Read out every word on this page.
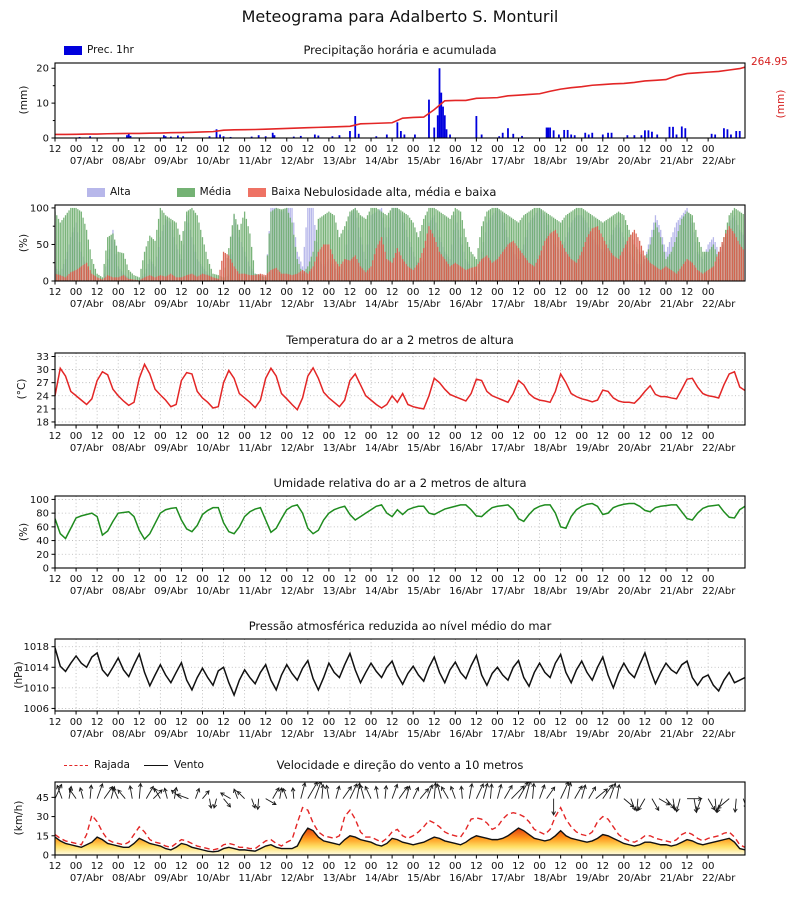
0
10
20
12 00 12 00 12 00 12 00 12 00 12 00 12 00 12 00 12 00 12 00 12 00 12 00 12 00 12 00 12 00 12 00
07/Abr 08/Abr 09/Abr 10/Abr 11/Abr 12/Abr 13/Abr 14/Abr 15/Abr 16/Abr 17/Abr 18/Abr 19/Abr 20/Abr 21/Abr 22/Abr
0
50
100
12 00 12 00 12 00 12 00 12 00 12 00 12 00 12 00 12 00 12 00 12 00 12 00 12 00 12 00 12 00 12 00
07/Abr 08/Abr 09/Abr 10/Abr 11/Abr 12/Abr 13/Abr 14/Abr 15/Abr 16/Abr 17/Abr 18/Abr 19/Abr 20/Abr 21/Abr 22/Abr
18
21
24
27
30
33
12 00 12 00 12 00 12 00 12 00 12 00 12 00 12 00 12 00 12 00 12 00 12 00 12 00 12 00 12 00 12 00
07/Abr 08/Abr 09/Abr 10/Abr 11/Abr 12/Abr 13/Abr 14/Abr 15/Abr 16/Abr 17/Abr 18/Abr 19/Abr 20/Abr 21/Abr 22/Abr
0
20
40
60
80
100
12 00 12 00 12 00 12 00 12 00 12 00 12 00 12 00 12 00 12 00 12 00 12 00 12 00 12 00 12 00 12 00
07/Abr 08/Abr 09/Abr 10/Abr 11/Abr 12/Abr 13/Abr 14/Abr 15/Abr 16/Abr 17/Abr 18/Abr 19/Abr 20/Abr 21/Abr 22/Abr
1006
1010
1014
1018
12 00 12 00 12 00 12 00 12 00 12 00 12 00 12 00 12 00 12 00 12 00 12 00 12 00 12 00 12 00 12 00
07/Abr 08/Abr 09/Abr 10/Abr 11/Abr 12/Abr 13/Abr 14/Abr 15/Abr 16/Abr 17/Abr 18/Abr 19/Abr 20/Abr 21/Abr 22/Abr
0
15
30
45
12 00 12 00 12 00 12 00 12 00 12 00 12 00 12 00 12 00 12 00 12 00 12 00 12 00 12 00 12 00 12 00
07/Abr 08/Abr 09/Abr 10/Abr 11/Abr 12/Abr 13/Abr 14/Abr 15/Abr 16/Abr 17/Abr 18/Abr 19/Abr 20/Abr 21/Abr 22/Abr
Meteograma para Adalberto S. Monturil
Precipitação horária e acumulada
Nebulosidade alta, média e baixa
Temperatura do ar a 2 metros de altura
Umidade relativa do ar a 2 metros de altura
Pressão atmosférica reduzida ao nível médio do mar
Velocidade e direção do vento a 10 metros
(mm)
(%)
(°C)
(%)
(hPa)
(km/h)
264.95
(mm)
Prec. 1hr
Alta	Média	Baixa
Rajada	Vento
